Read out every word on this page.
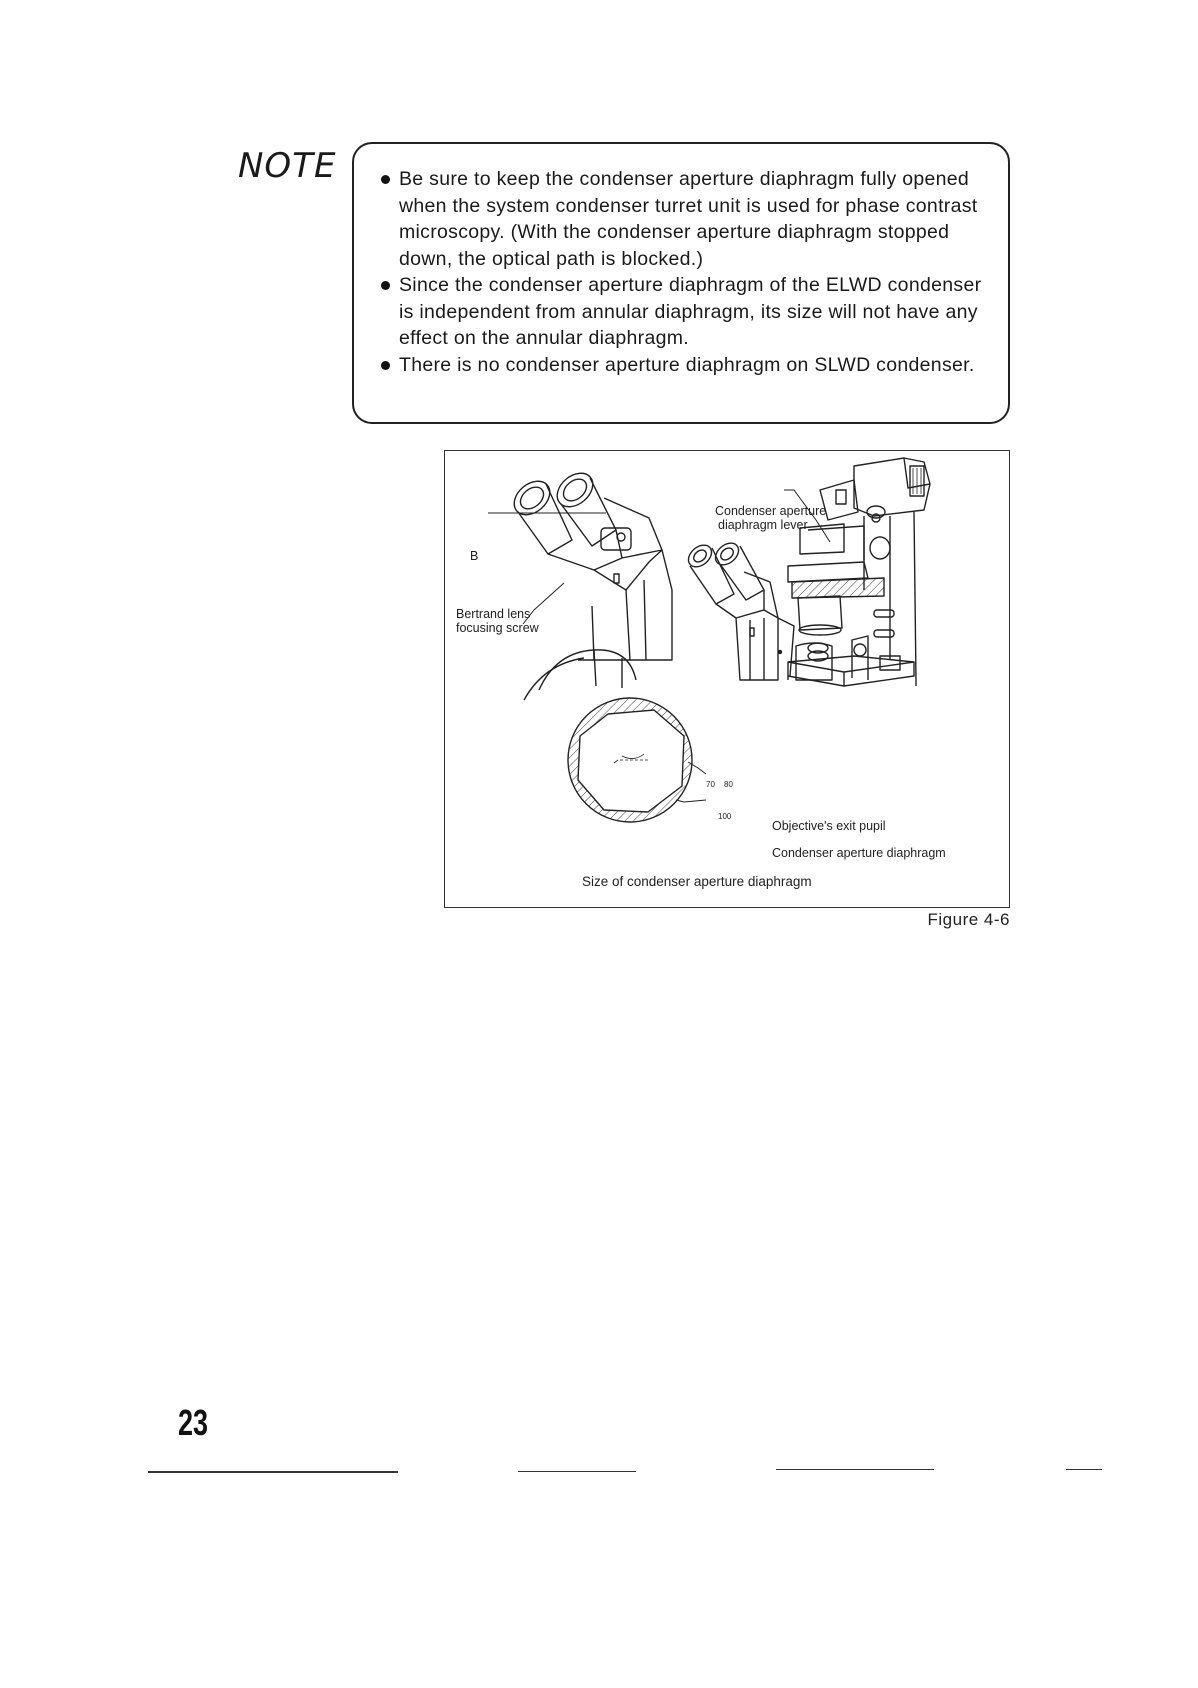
NOTE	Be sure to keep the condenser aperture diaphragm fully opened when the system condenser turret unit is used for phase contrast microscopy. (With the condenser aperture diaphragm stopped down, the optical path is blocked.)
Since the condenser aperture diaphragm of the ELWD condenser is independent from annular diaphragm, its size will not have any effect on the annular diaphragm.
There is no condenser aperture diaphragm on SLWD condenser.
B
Bertrand lens
focusing screw
Condenser aperture
diaphragm lever
70 80
100
Objective's exit pupil
Condenser aperture diaphragm
Size of condenser aperture diaphragm
Figure 4-6
23
